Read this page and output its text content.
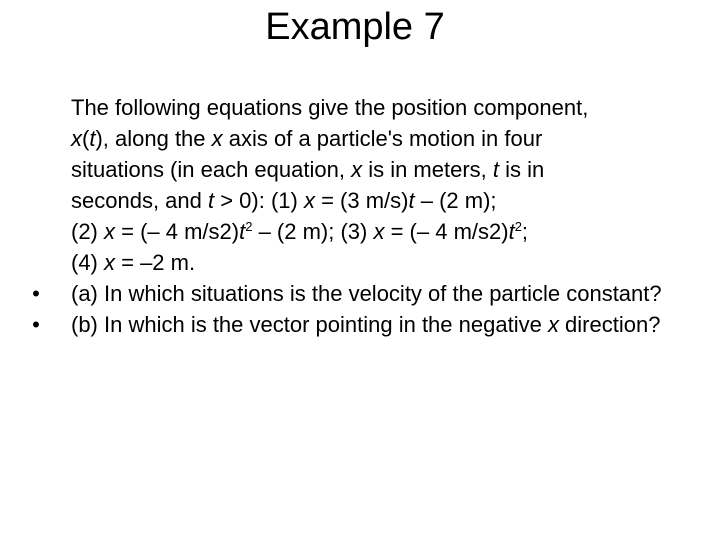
Example 7

The following equations give the position component,
x(t), along the x axis of a particle's motion in four
situations (in each equation, x is in meters, t is in
seconds, and t > 0): (1) x = (3 m/s)t – (2 m);
(2) x = (– 4 $m/s2)t^2 - (2$ m); (3) x = (– 4 $m/s2)t^2$;
(4) x = –2 m.

• (a) In which situations is the velocity of the particle constant?

• (b) In which is the vector pointing in the negative x direction?
